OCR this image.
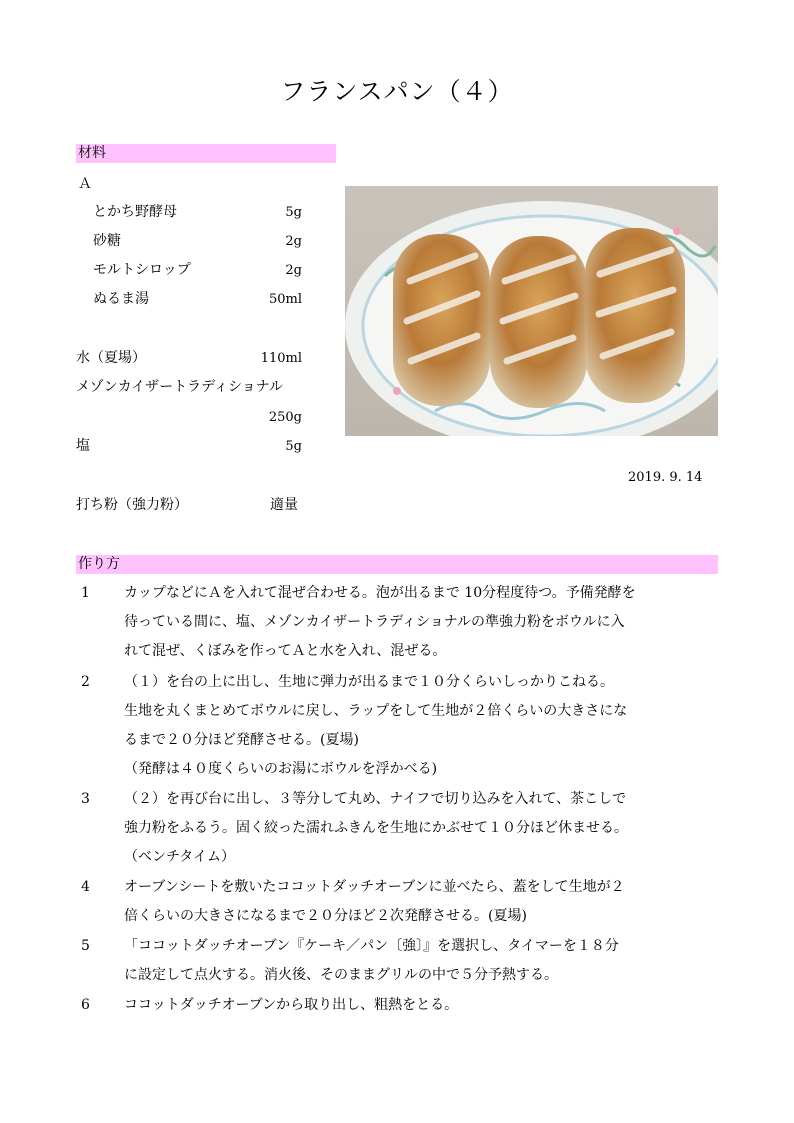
フランスパン（４）
材料
Ａ
とかち野酵母	5g
砂糖	2g
モルトシロップ	2g
ぬるま湯	50ml
水（夏場）	110ml
メゾンカイザートラディショナル
250g
塩	5g
打ち粉（強力粉）	適量
2019. 9. 14
作り方
1 カップなどにＡを入れて混ぜ合わせる。泡が出るまで 10分程度待つ。予備発酵を
待っている間に、塩、メゾンカイザートラディショナルの準強力粉をボウルに入
れて混ぜ、くぼみを作ってＡと水を入れ、混ぜる。
2 （１）を台の上に出し、生地に弾力が出るまで１０分くらいしっかりこねる。
生地を丸くまとめてボウルに戻し、ラップをして生地が２倍くらいの大きさにな
るまで２０分ほど発酵させる。(夏場)
（発酵は４０度くらいのお湯にボウルを浮かべる)
3 （２）を再び台に出し、３等分して丸め、ナイフで切り込みを入れて、茶こしで
強力粉をふるう。固く絞った濡れふきんを生地にかぶせて１０分ほど休ませる。
（ベンチタイム）
4 オーブンシートを敷いたココットダッチオーブンに並べたら、蓋をして生地が２
倍くらいの大きさになるまで２０分ほど２次発酵させる。(夏場)
5 「ココットダッチオーブン『ケーキ／パン〔強〕』を選択し、タイマーを１８分
に設定して点火する。消火後、そのままグリルの中で５分予熱する。
6 ココットダッチオーブンから取り出し、粗熱をとる。
